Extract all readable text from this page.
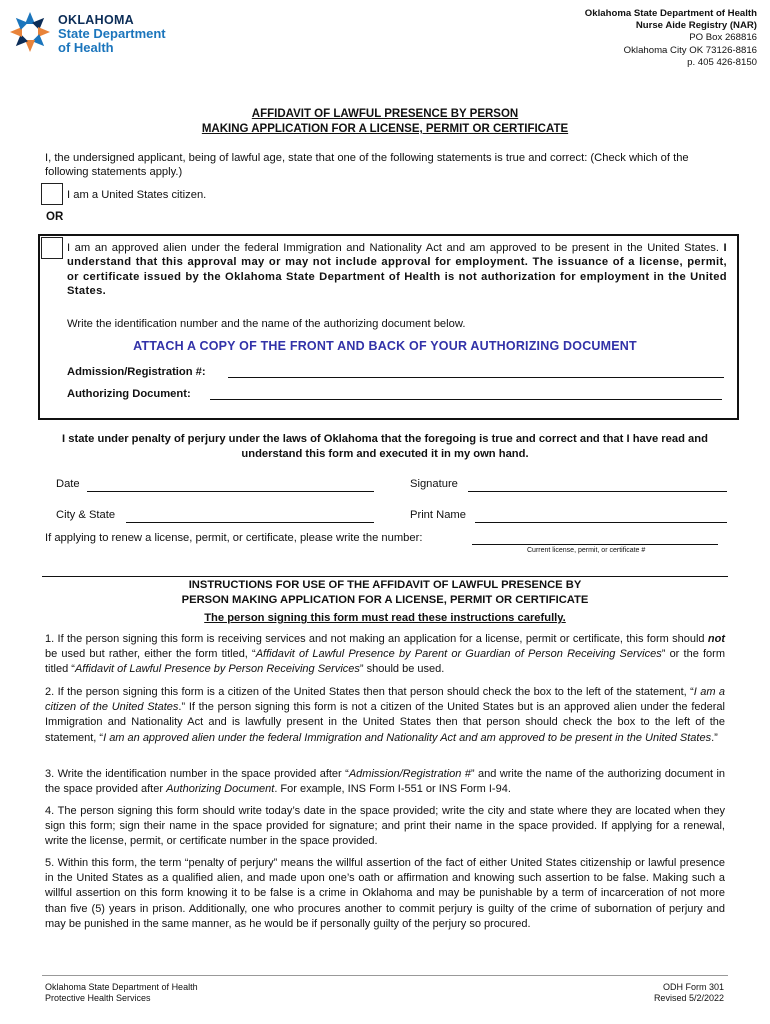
OKLAHOMA
State Department
of Health
Oklahoma State Department of Health
Nurse Aide Registry (NAR)
PO Box 268816
Oklahoma City OK 73126-8816
p. 405 426-8150
AFFIDAVIT OF LAWFUL PRESENCE BY PERSON
MAKING APPLICATION FOR A LICENSE, PERMIT OR CERTIFICATE
I, the undersigned applicant, being of lawful age, state that one of the following statements is true and correct: (Check which of the following statements apply.)
I am a United States citizen.
OR
I am an approved alien under the federal Immigration and Nationality Act and am approved to be present in the United States. I understand that this approval may or may not include approval for employment. The issuance of a license, permit, or certificate issued by the Oklahoma State Department of Health is not authorization for employment in the United States.
Write the identification number and the name of the authorizing document below.
ATTACH A COPY OF THE FRONT AND BACK OF YOUR AUTHORIZING DOCUMENT
Admission/Registration #:
Authorizing Document:
I state under penalty of perjury under the laws of Oklahoma that the foregoing is true and correct and that I have read and understand this form and executed it in my own hand.
Date	Signature
City & State	Print Name
If applying to renew a license, permit, or certificate, please write the number:
Current license, permit, or certificate #
INSTRUCTIONS FOR USE OF THE AFFIDAVIT OF LAWFUL PRESENCE BY
PERSON MAKING APPLICATION FOR A LICENSE, PERMIT OR CERTIFICATE
The person signing this form must read these instructions carefully.
1. If the person signing this form is receiving services and not making an application for a license, permit or certificate, this form should not be used but rather, either the form titled, “Affidavit of Lawful Presence by Parent or Guardian of Person Receiving Services” or the form titled “Affidavit of Lawful Presence by Person Receiving Services” should be used.
2. If the person signing this form is a citizen of the United States then that person should check the box to the left of the statement, “I am a citizen of the United States.” If the person signing this form is not a citizen of the United States but is an approved alien under the federal Immigration and Nationality Act and is lawfully present in the United States then that person should check the box to the left of the statement, “I am an approved alien under the federal Immigration and Nationality Act and am approved to be present in the United States.”
3. Write the identification number in the space provided after “Admission/Registration #” and write the name of the authorizing document in the space provided after Authorizing Document. For example, INS Form I-551 or INS Form I-94.
4. The person signing this form should write today’s date in the space provided; write the city and state where they are located when they sign this form; sign their name in the space provided for signature; and print their name in the space provided. If applying for a renewal, write the license, permit, or certificate number in the space provided.
5. Within this form, the term “penalty of perjury” means the willful assertion of the fact of either United States citizenship or lawful presence in the United States as a qualified alien, and made upon one’s oath or affirmation and knowing such assertion to be false. Making such a willful assertion on this form knowing it to be false is a crime in Oklahoma and may be punishable by a term of incarceration of not more than five (5) years in prison. Additionally, one who procures another to commit perjury is guilty of the crime of subornation of perjury and may be punished in the same manner, as he would be if personally guilty of the perjury so procured.
Oklahoma State Department of Health
Protective Health Services
ODH Form 301
Revised 5/2/2022
